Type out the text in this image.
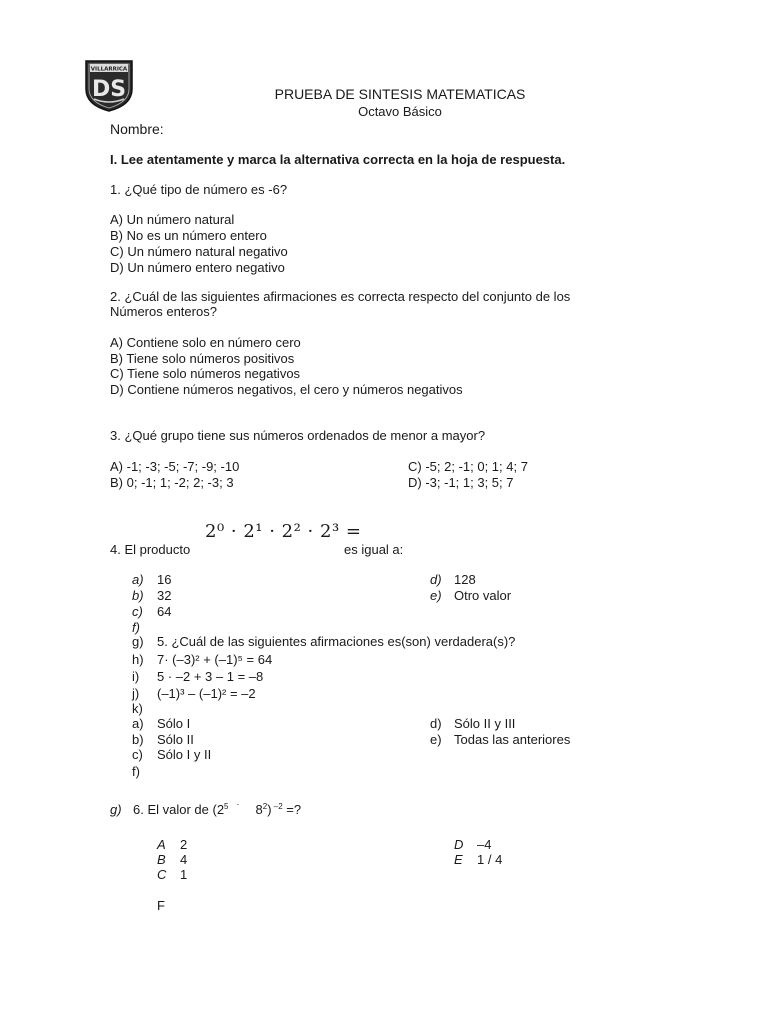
VILLARRICA
DS	PRUEBA DE SINTESIS MATEMATICAS
Octavo Básico
Nombre:
I. Lee atentamente y marca la alternativa correcta en la hoja de respuesta.
1. ¿Qué tipo de número es -6?
A) Un número natural
B) No es un número entero
C) Un número natural negativo
D) Un número entero negativo
2. ¿Cuál de las siguientes afirmaciones es correcta respecto del conjunto de los
Números enteros?
A) Contiene solo en número cero
B) Tiene solo números positivos
C) Tiene solo números negativos
D) Contiene números negativos, el cero y números negativos
3. ¿Qué grupo tiene sus números ordenados de menor a mayor?
A) -1; -3; -5; -7; -9; -10
B) 0; -1; 1; -2; 2; -3; 3
C) -5; 2; -1; 0; 1; 4; 7
D) -3; -1; 1; 3; 5; 7
2⁰ · 2¹ · 2² · 2³ =
4. El producto	es igual a:
a) 16
b) 32
c) 64
f)
d) 128
e) Otro valor
g) 5. ¿Cuál de las siguientes afirmaciones es(son) verdadera(s)?
h) 7· (–3)² + (–1)⁵ = 64
i) 5 · –2 + 3 – 1 = –8
j) (–1)³ – (–1)² = –2
k)
a) Sólo I
b) Sólo II
c) Sólo I y II
f)
d) Sólo II y III
e) Todas las anteriores
g) 6. El valor de $(2^5 \cdot 8^2)$ $^{-2}$ =?
A 2
B 4
C 1
D –4
E 1 / 4
F
